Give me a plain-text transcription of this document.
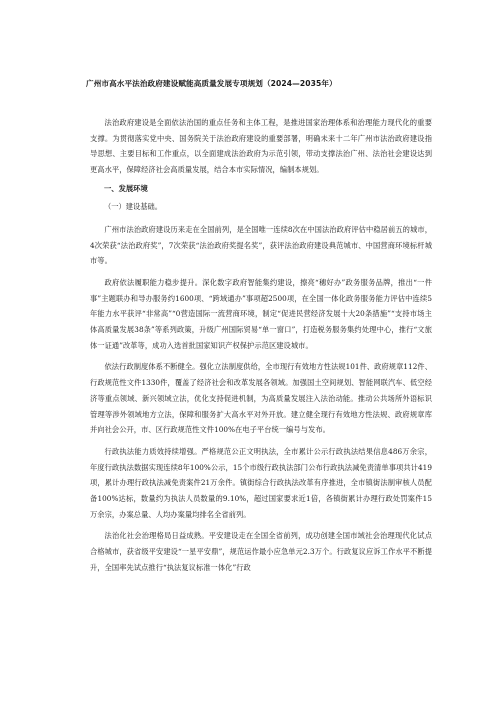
广州市高水平法治政府建设赋能高质量发展专项规划（2024—2035年）

法治政府建设是全面依法治国的重点任务和主体工程，是推进国家治理体系和治理能力现代化的重要支撑。为贯彻落实党中央、国务院关于法治政府建设的重要部署，明确未来十二年广州市法治政府建设指导思想、主要目标和工作重点，以全面建成法治政府为示范引领，带动支撑法治广州、法治社会建设达到更高水平，保障经济社会高质量发展，结合本市实际情况，编制本规划。

一、发展环境
（一）建设基础。

广州市法治政府建设历来走在全国前列，是全国唯一连续8次在中国法治政府评估中稳居前五的城市，4次荣获“法治政府奖”，7次荣获“法治政府奖提名奖”，获评法治政府建设典范城市、中国营商环境标杆城市等。

政府依法履职能力稳步提升。深化数字政府智能集约建设，擦亮“穗好办”政务服务品牌，推出“一件事”主题联办和导办服务约1600项、“跨域通办”事项超2500项，在全国一体化政务服务能力评估中连续5年能力水平获评“非常高”“0营造国际一流营商环境，制定“促进民营经济发展十大20条措施”“支持市场主体高质量发展38条”等系列政策，升级广州国际贸易“单一窗口”，打造税务服务集约处理中心，推行“文旅体一证通”改革等，成功入选首批国家知识产权保护示范区建设城市。

依法行政制度体系不断健全。强化立法制度供给，全市现行有效地方性法规101件、政府规章112件、行政规范性文件1330件，覆盖了经济社会和改革发展各领域。加强国土空间规划、智能网联汽车、低空经济等重点领域、新兴领域立法，优化支持促进机制，为高质量发展注入法治动能。推动公共场所外语标识管理等涉外领域地方立法，保障和服务扩大高水平对外开放。建立健全现行有效地方性法规、政府规章库并向社会公开，市、区行政规范性文件100%在电子平台统一编号与发布。

行政执法能力质效持续增强。严格规范公正文明执法，全市累计公示行政执法结果信息486万余宗，年度行政执法数据实现连续8年100%公示，15个市级行政执法部门公布行政执法减免责清单事项共计419项，累计办理行政执法减免责案件21万余件。镇街综合行政执法改革有序推进，全市镇街法制审核人员配备100%达标，数量约为执法人员数量的9.10%，超过国家要求近1倍，各镇街累计办理行政处罚案件15万余宗，办案总量、人均办案量均排名全省前列。

法治化社会治理格局日益成熟。平安建设走在全国全省前列，成功创建全国市域社会治理现代化试点合格城市，获省级平安建设“一星平安鼎”，规范运作最小应急单元2.3万个。行政复议应诉工作水平不断提升，全国率先试点推行“执法复议标准一体化”行政
